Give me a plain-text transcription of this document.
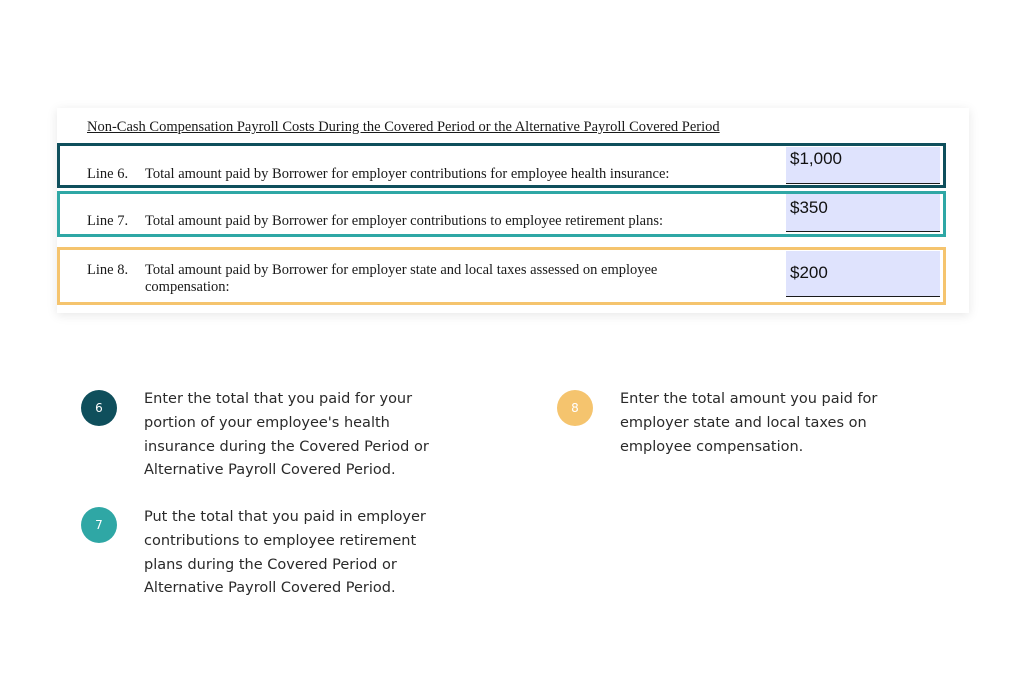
Non-Cash Compensation Payroll Costs During the Covered Period or the Alternative Payroll Covered Period

$1,000
Line 6. Total amount paid by Borrower for employer contributions for employee health insurance:
$350
Line 7. Total amount paid by Borrower for employer contributions to employee retirement plans:
$200
Line 8. Total amount paid by Borrower for employer state and local taxes assessed on employee compensation:
6
Enter the total that you paid for your
portion of your employee's health
insurance during the Covered Period or
Alternative Payroll Covered Period.
7	Put the total that you paid in employer
contributions to employee retirement
plans during the Covered Period or
Alternative Payroll Covered Period.
8
Enter the total amount you paid for
employer state and local taxes on
employee compensation.
